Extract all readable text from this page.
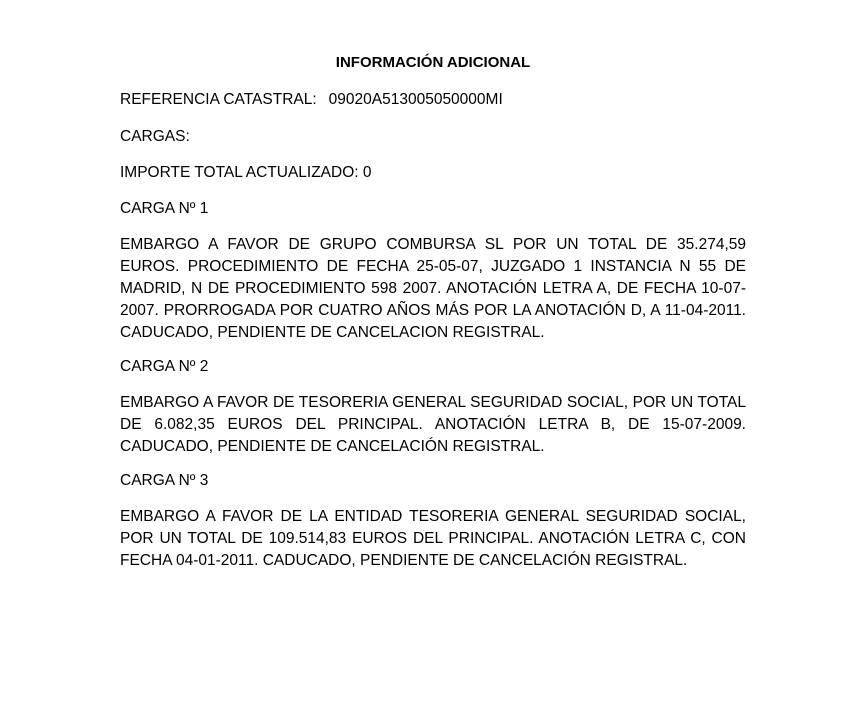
INFORMACIÓN ADICIONAL

REFERENCIA CATASTRAL: 09020A513005050000MI

CARGAS:

IMPORTE TOTAL ACTUALIZADO: 0

CARGA Nº 1

EMBARGO A FAVOR DE GRUPO COMBURSA SL POR UN TOTAL DE 35.274,59 EUROS. PROCEDIMIENTO DE FECHA 25-05-07, JUZGADO 1 INSTANCIA N 55 DE MADRID, N DE PROCEDIMIENTO 598 2007. ANOTACIÓN LETRA A, DE FECHA 10-07-2007. PRORROGADA POR CUATRO AÑOS MÁS POR LA ANOTACIÓN D, A 11-04-2011. CADUCADO, PENDIENTE DE CANCELACION REGISTRAL.

CARGA Nº 2

EMBARGO A FAVOR DE TESORERIA GENERAL SEGURIDAD SOCIAL, POR UN TOTAL DE 6.082,35 EUROS DEL PRINCIPAL. ANOTACIÓN LETRA B, DE 15-07-2009. CADUCADO, PENDIENTE DE CANCELACIÓN REGISTRAL.

CARGA Nº 3

EMBARGO A FAVOR DE LA ENTIDAD TESORERIA GENERAL SEGURIDAD SOCIAL, POR UN TOTAL DE 109.514,83 EUROS DEL PRINCIPAL. ANOTACIÓN LETRA C, CON FECHA 04-01-2011. CADUCADO, PENDIENTE DE CANCELACIÓN REGISTRAL.
